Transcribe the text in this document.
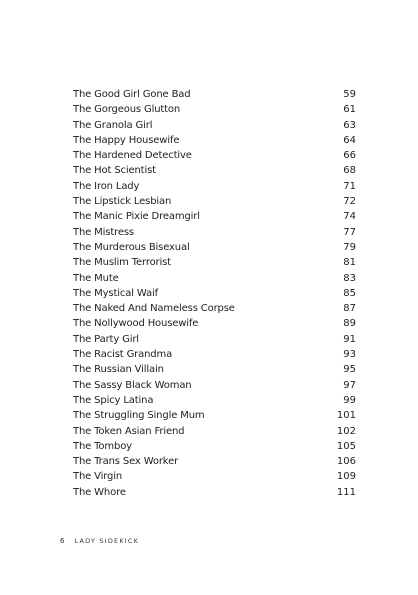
The Good Girl Gone Bad	59
The Gorgeous Glutton	61
The Granola Girl	63
The Happy Housewife	64
The Hardened Detective	66
The Hot Scientist	68
The Iron Lady	71
The Lipstick Lesbian	72
The Manic Pixie Dreamgirl	74
The Mistress	77
The Murderous Bisexual	79
The Muslim Terrorist	81
The Mute	83
The Mystical Waif	85
The Naked And Nameless Corpse	87
The Nollywood Housewife	89
The Party Girl	91
The Racist Grandma	93
The Russian Villain	95
The Sassy Black Woman	97
The Spicy Latina	99
The Struggling Single Mum	101
The Token Asian Friend	102
The Tomboy	105
The Trans Sex Worker	106
The Virgin	109
The Whore	111
6 LADY SIDEKICK
